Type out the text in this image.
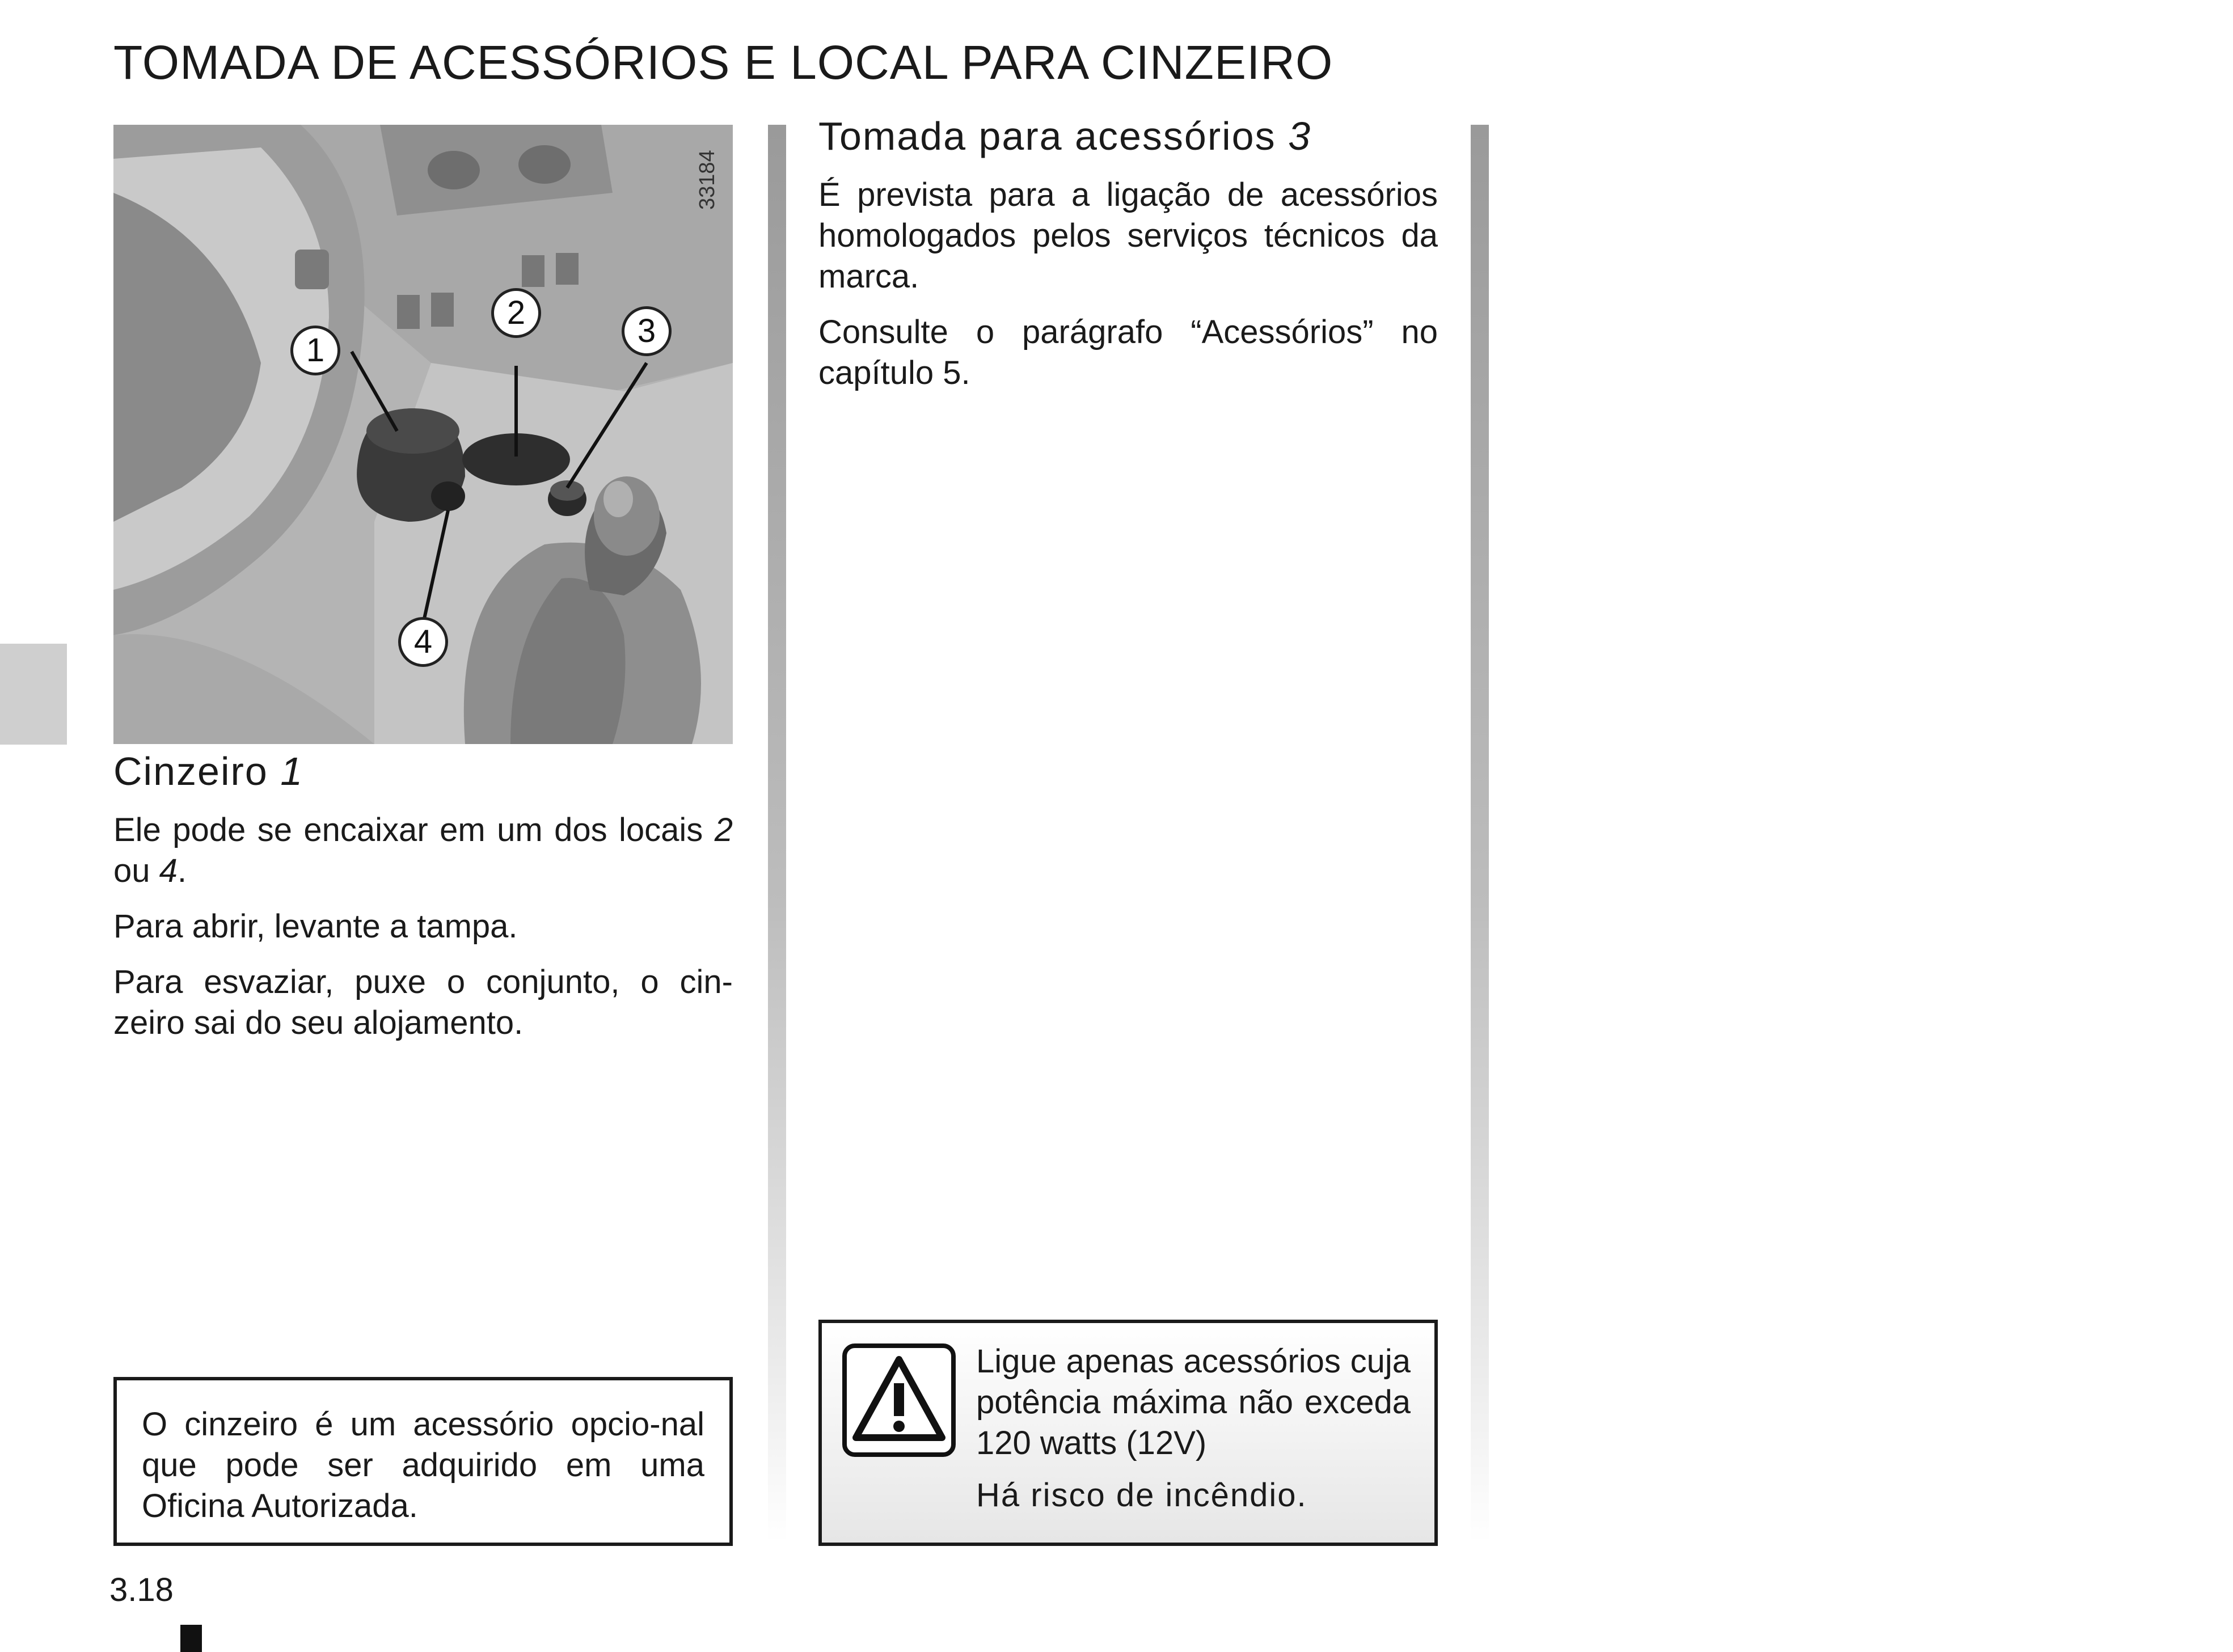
TOMADA DE ACESSÓRIOS E LOCAL PARA CINZEIRO
33184
1
2	3
4
Cinzeiro 1

Ele pode se encaixar em um dos locais 2 ou 4.

Para abrir, levante a tampa.

Para esvaziar, puxe o conjunto, o cin-zeiro sai do seu alojamento.

Tomada para acessórios 3

É prevista para a ligação de acessórios homologados pelos serviços técnicos da marca.

Consulte o parágrafo “Acessórios” no capítulo 5.

O cinzeiro é um acessório opcio-nal que pode ser adquirido em uma Oficina Autorizada.

Ligue apenas acessórios cuja potência máxima não exceda 120 watts (12V)

Há risco de incêndio.

3.18
